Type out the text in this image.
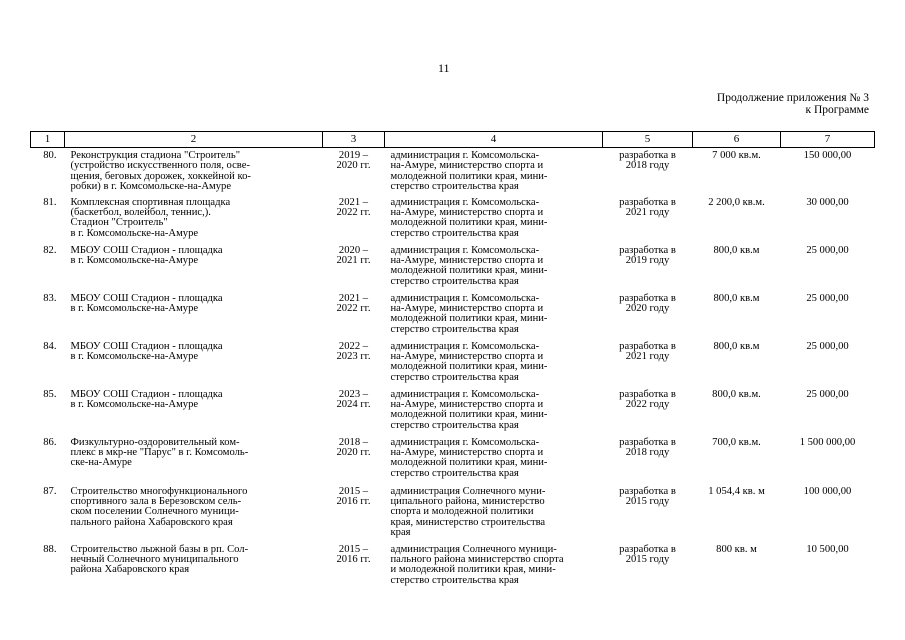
11
Продолжение приложения № 3
к Программе
1	2	3	4	5	6	7
80.	Реконструкция стадиона "Строитель"
(устройство искусственного поля, осве-
щения, беговых дорожек, хоккейной ко-
робки) в г. Комсомольске-на-Амуре	2019 –
2020 гг.	администрация г. Комсомольска-
на-Амуре, министерство спорта и
молодежной политики края, мини-
стерство строительства края	разработка в
2018 году	7 000 кв.м.	150 000,00
81.	Комплексная спортивная площадка
(баскетбол, волейбол, теннис,).
Стадион "Строитель"
в г. Комсомольске-на-Амуре	2021 –
2022 гг.	администрация г. Комсомольска-
на-Амуре, министерство спорта и
молодежной политики края, мини-
стерство строительства края	разработка в
2021 году	2 200,0 кв.м.	30 000,00
82.	МБОУ СОШ Стадион - площадка
в г. Комсомольске-на-Амуре	2020 –
2021 гг.	администрация г. Комсомольска-
на-Амуре, министерство спорта и
молодежной политики края, мини-
стерство строительства края	разработка в
2019 году	800,0 кв.м	25 000,00
83.	МБОУ СОШ Стадион - площадка
в г. Комсомольске-на-Амуре	2021 –
2022 гг.	администрация г. Комсомольска-
на-Амуре, министерство спорта и
молодежной политики края, мини-
стерство строительства края	разработка в
2020 году	800,0 кв.м	25 000,00
84.	МБОУ СОШ Стадион - площадка
в г. Комсомольске-на-Амуре	2022 –
2023 гг.	администрация г. Комсомольска-
на-Амуре, министерство спорта и
молодежной политики края, мини-
стерство строительства края	разработка в
2021 году	800,0 кв.м	25 000,00
85.	МБОУ СОШ Стадион - площадка
в г. Комсомольске-на-Амуре	2023 –
2024 гг.	администрация г. Комсомольска-
на-Амуре, министерство спорта и
молодежной политики края, мини-
стерство строительства края	разработка в
2022 году	800,0 кв.м.	25 000,00
86.	Физкультурно-оздоровительный ком-
плекс в мкр-не "Парус" в г. Комсомоль-
ске-на-Амуре	2018 –
2020 гг.	администрация г. Комсомольска-
на-Амуре, министерство спорта и
молодежной политики края, мини-
стерство строительства края	разработка в
2018 году	700,0 кв.м.	1 500 000,00
87.	Строительство многофункционального
спортивного зала в Березовском сель-
ском поселении Солнечного муници-
пального района Хабаровского края	2015 –
2016 гг.	администрация Солнечного муни-
ципального района, министерство
спорта и молодежной политики
края, министерство строительства
края	разработка в
2015 году	1 054,4 кв. м	100 000,00
88.	Строительство лыжной базы в рп. Сол-
нечный Солнечного муниципального
района Хабаровского края	2015 –
2016 гг.	администрация Солнечного муници-
пального района министерство спорта
и молодежной политики края, мини-
стерство строительства края	разработка в
2015 году	800 кв. м	10 500,00
